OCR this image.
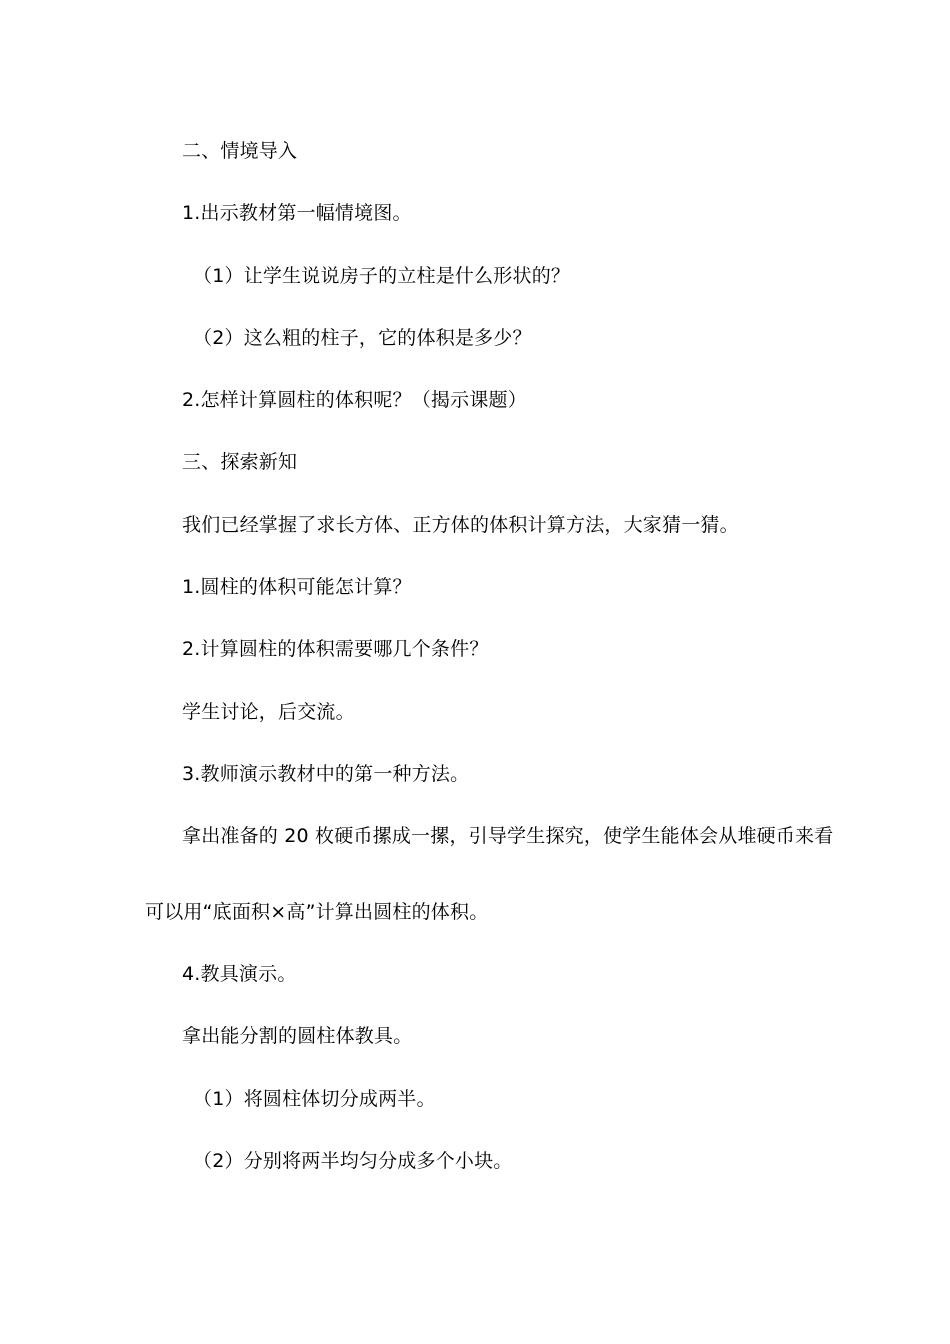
二、情境导入
1.出示教材第一幅情境图。
（1）让学生说说房子的立柱是什么形状的？
（2）这么粗的柱子，它的体积是多少？
2.怎样计算圆柱的体积呢？（揭示课题）
三、探索新知
我们已经掌握了求长方体、正方体的体积计算方法，大家猜一猜。
1.圆柱的体积可能怎计算？
2.计算圆柱的体积需要哪几个条件？
学生讨论，后交流。
3.教师演示教材中的第一种方法。
拿出准备的 20 枚硬币摞成一摞，引导学生探究，使学生能体会从堆硬币来看
可以用“底面积×高”计算出圆柱的体积。
4.教具演示。
拿出能分割的圆柱体教具。
（1）将圆柱体切分成两半。
（2）分别将两半均匀分成多个小块。
